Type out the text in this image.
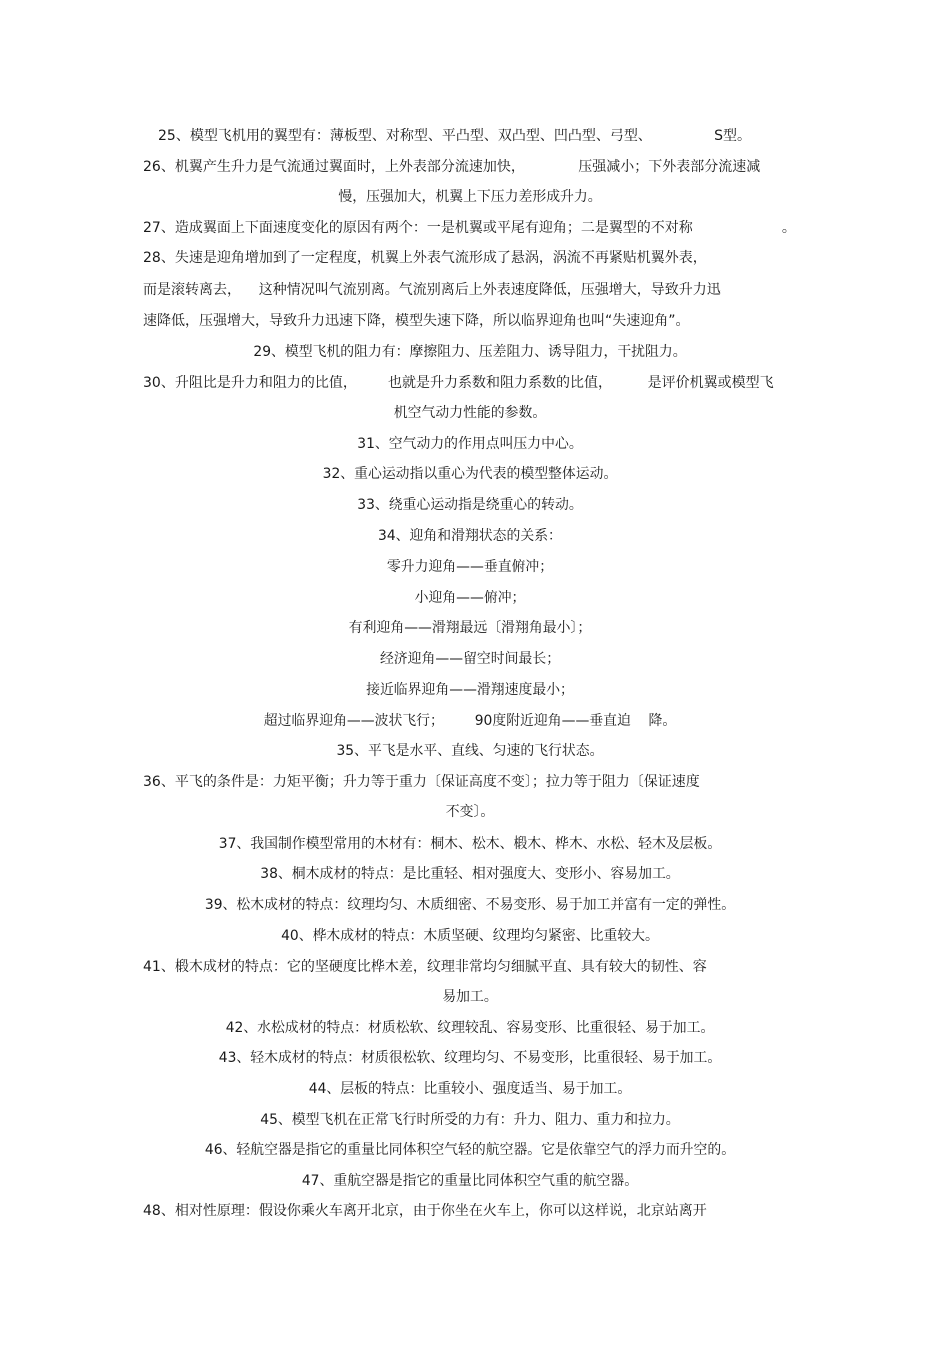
25、模型飞机用的翼型有：薄板型、对称型、平凸型、双凸型、凹凸型、弓型、              S型。
26、机翼产生升力是气流通过翼面时，上外表部分流速加快，            压强减小；下外表部分流速减
慢，压强加大，机翼上下压力差形成升力。
27、造成翼面上下面速度变化的原因有两个：一是机翼或平尾有迎角；二是翼型的不对称                    。
28、失速是迎角增加到了一定程度，机翼上外表气流形成了悬涡，涡流不再紧贴机翼外表，
而是滚转离去，    这种情况叫气流别离。气流别离后上外表速度降低，压强增大，导致升力迅
速降低，压强增大，导致升力迅速下降，模型失速下降，所以临界迎角也叫“失速迎角”。
29、模型飞机的阻力有：摩擦阻力、压差阻力、诱导阻力，干扰阻力。
30、升阻比是升力和阻力的比值，       也就是升力系数和阻力系数的比值，        是评价机翼或模型飞
机空气动力性能的参数。
31、空气动力的作用点叫压力中心。
32、重心运动指以重心为代表的模型整体运动。
33、绕重心运动指是绕重心的转动。
34、迎角和滑翔状态的关系：
零升力迎角——垂直俯冲；
小迎角——俯冲；
有利迎角——滑翔最远〔滑翔角最小〕；
经济迎角——留空时间最长；
接近临界迎角——滑翔速度最小；
超过临界迎角——波状飞行；       90度附近迎角——垂直迫    降。
35、平飞是水平、直线、匀速的飞行状态。
36、平飞的条件是：力矩平衡；升力等于重力〔保证高度不变〕；拉力等于阻力〔保证速度
不变〕。
37、我国制作模型常用的木材有：桐木、松木、椴木、桦木、水松、轻木及层板。
38、桐木成材的特点：是比重轻、相对强度大、变形小、容易加工。
39、松木成材的特点：纹理均匀、木质细密、不易变形、易于加工并富有一定的弹性。
40、桦木成材的特点：木质坚硬、纹理均匀紧密、比重较大。
41、椴木成材的特点：它的坚硬度比桦木差，纹理非常均匀细腻平直、具有较大的韧性、容
易加工。
42、水松成材的特点：材质松软、纹理较乱、容易变形、比重很轻、易于加工。
43、轻木成材的特点：材质很松软、纹理均匀、不易变形，比重很轻、易于加工。
44、层板的特点：比重较小、强度适当、易于加工。
45、模型飞机在正常飞行时所受的力有：升力、阻力、重力和拉力。
46、轻航空器是指它的重量比同体积空气轻的航空器。它是依靠空气的浮力而升空的。
47、重航空器是指它的重量比同体积空气重的航空器。
48、相对性原理：假设你乘火车离开北京，由于你坐在火车上，你可以这样说，北京站离开
